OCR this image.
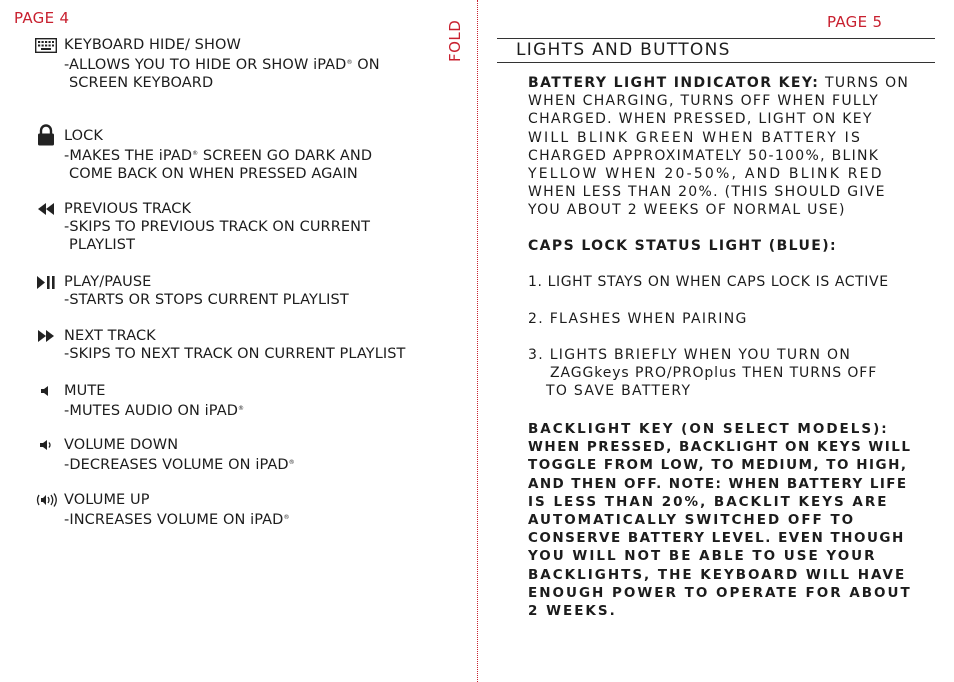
PAGE 4
KEYBOARD HIDE/ SHOW
-ALLOWS YOU TO HIDE OR SHOW iPAD® ON
SCREEN KEYBOARD
LOCK
-MAKES THE iPAD® SCREEN GO DARK AND
COME BACK ON WHEN PRESSED AGAIN
PREVIOUS TRACK
-SKIPS TO PREVIOUS TRACK ON CURRENT
PLAYLIST
PLAY/PAUSE
-STARTS OR STOPS CURRENT PLAYLIST
NEXT TRACK
-SKIPS TO NEXT TRACK ON CURRENT PLAYLIST
MUTE
-MUTES AUDIO ON iPAD®
VOLUME DOWN
-DECREASES VOLUME ON iPAD®
VOLUME UP
-INCREASES VOLUME ON iPAD®
FOLD	PAGE 5
LIGHTS AND BUTTONS
BATTERY LIGHT INDICATOR KEY: TURNS ON
WHEN CHARGING, TURNS OFF WHEN FULLY
CHARGED. WHEN PRESSED, LIGHT ON KEY
WILL BLINK GREEN WHEN BATTERY IS
CHARGED APPROXIMATELY 50-100%, BLINK
YELLOW WHEN 20-50%, AND BLINK RED
WHEN LESS THAN 20%. (THIS SHOULD GIVE
YOU ABOUT 2 WEEKS OF NORMAL USE)
CAPS LOCK STATUS LIGHT (BLUE):
1. LIGHT STAYS ON WHEN CAPS LOCK IS ACTIVE
2. FLASHES WHEN PAIRING
3. LIGHTS BRIEFLY WHEN YOU TURN ON
ZAGGkeys PRO/PROplus THEN TURNS OFF
TO SAVE BATTERY
BACKLIGHT KEY (ON SELECT MODELS):
WHEN PRESSED, BACKLIGHT ON KEYS WILL
TOGGLE FROM LOW, TO MEDIUM, TO HIGH,
AND THEN OFF. NOTE: WHEN BATTERY LIFE
IS LESS THAN 20%, BACKLIT KEYS ARE
AUTOMATICALLY SWITCHED OFF TO
CONSERVE BATTERY LEVEL. EVEN THOUGH
YOU WILL NOT BE ABLE TO USE YOUR
BACKLIGHTS, THE KEYBOARD WILL HAVE
ENOUGH POWER TO OPERATE FOR ABOUT
2 WEEKS.
